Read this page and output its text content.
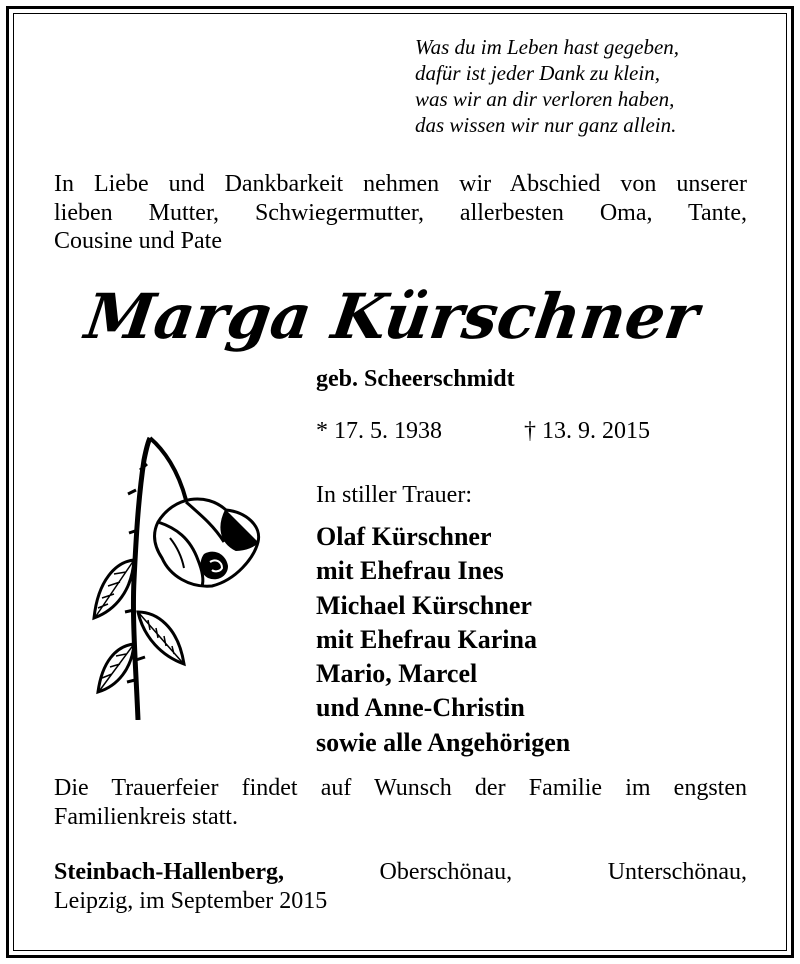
Was du im Leben hast gegeben,
dafür ist jeder Dank zu klein,
was wir an dir verloren haben,
das wissen wir nur ganz allein.
In Liebe und Dankbarkeit nehmen wir Abschied von unserer
lieben Mutter, Schwiegermutter, allerbesten Oma, Tante,
Cousine und Pate
Marga Kürschner
geb. Scheerschmidt
* 17. 5. 1938	† 13. 9. 2015
In stiller Trauer:
Olaf Kürschner
mit Ehefrau Ines
Michael Kürschner
mit Ehefrau Karina
Mario, Marcel
und Anne-Christin
sowie alle Angehörigen
Die Trauerfeier findet auf Wunsch der Familie im engsten
Familienkreis statt.
Steinbach-Hallenberg,	Oberschönau, Unterschönau,
Leipzig, im September 2015
